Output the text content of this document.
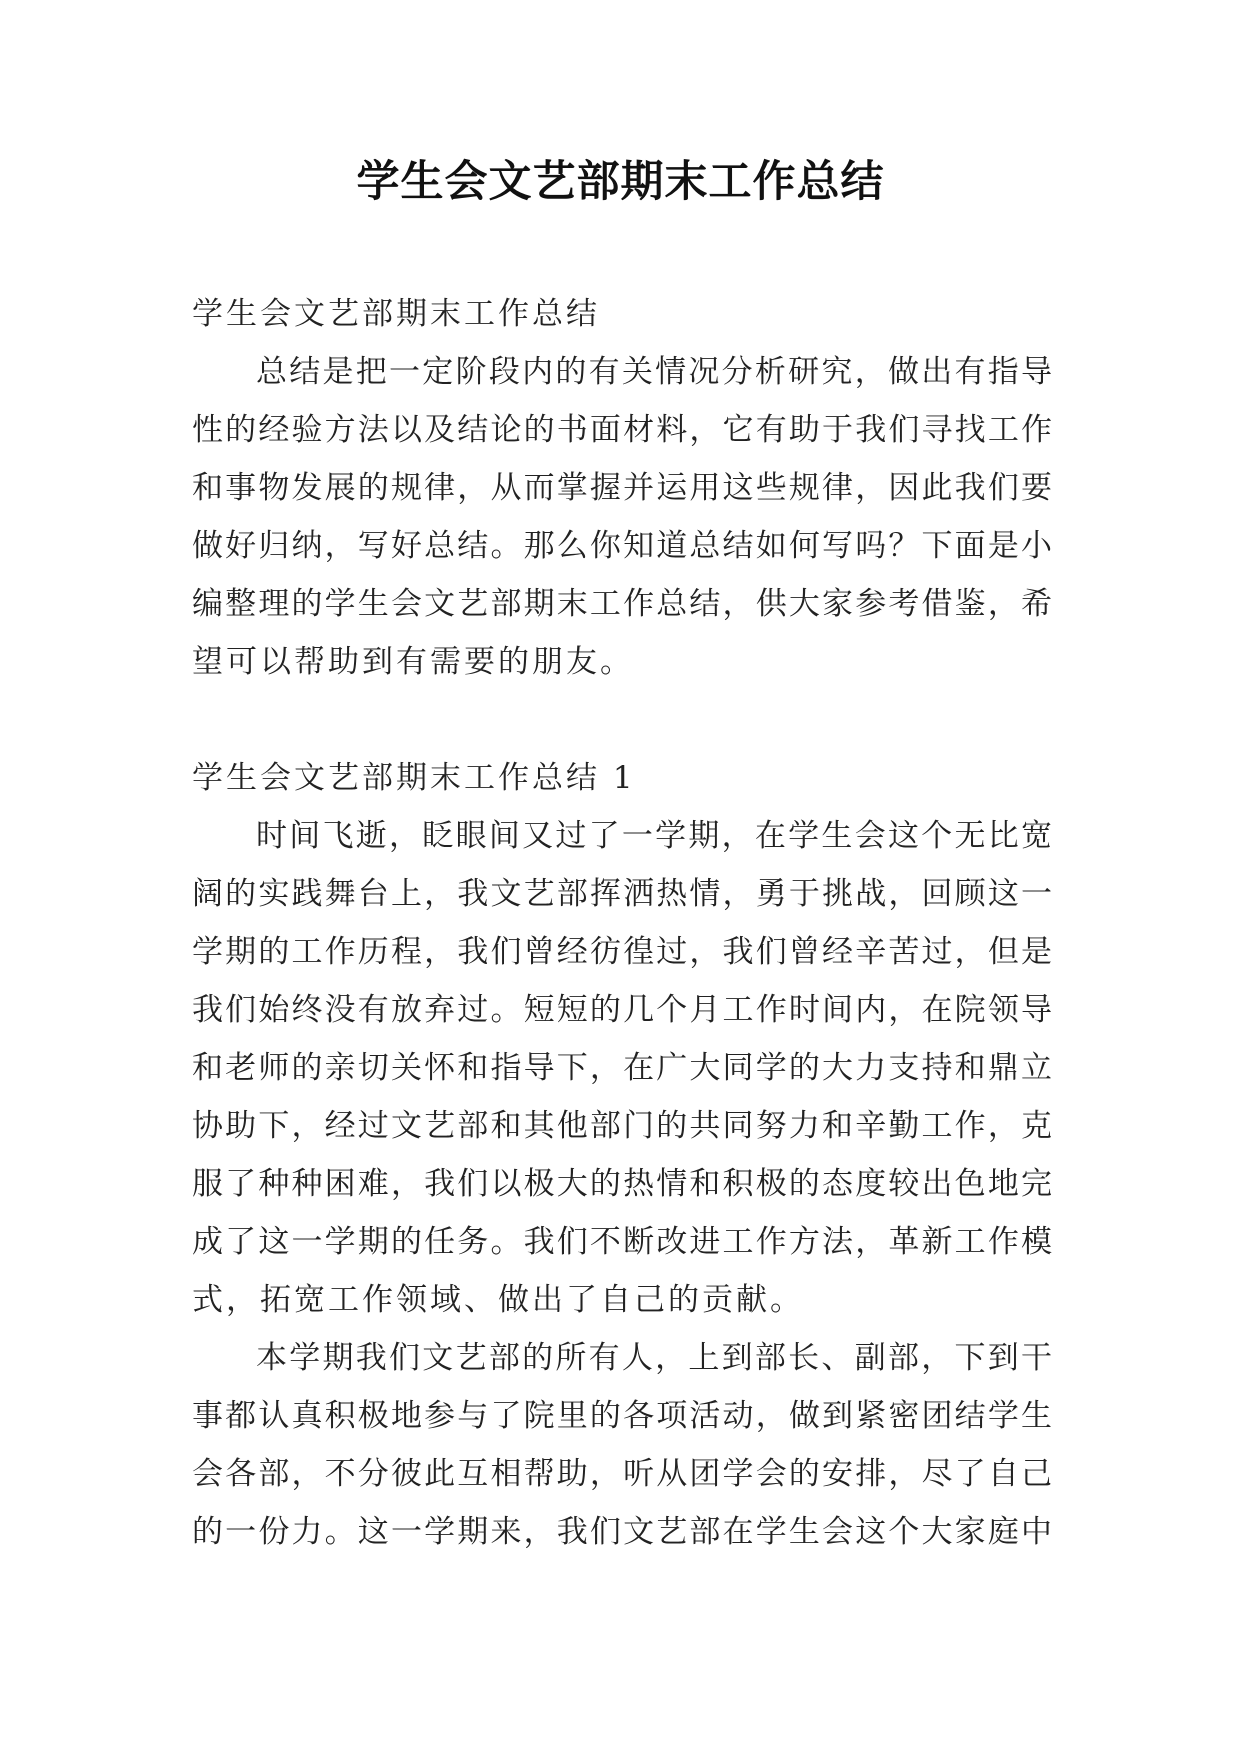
学生会文艺部期末工作总结
学生会文艺部期末工作总结
总结是把一定阶段内的有关情况分析研究，做出有指导
性的经验方法以及结论的书面材料，它有助于我们寻找工作
和事物发展的规律，从而掌握并运用这些规律，因此我们要
做好归纳，写好总结。那么你知道总结如何写吗？下面是小
编整理的学生会文艺部期末工作总结，供大家参考借鉴，希
望可以帮助到有需要的朋友。
学生会文艺部期末工作总结 1
时间飞逝，眨眼间又过了一学期，在学生会这个无比宽
阔的实践舞台上，我文艺部挥洒热情，勇于挑战，回顾这一
学期的工作历程，我们曾经彷徨过，我们曾经辛苦过，但是
我们始终没有放弃过。短短的几个月工作时间内，在院领导
和老师的亲切关怀和指导下，在广大同学的大力支持和鼎立
协助下，经过文艺部和其他部门的共同努力和辛勤工作，克
服了种种困难，我们以极大的热情和积极的态度较出色地完
成了这一学期的任务。我们不断改进工作方法，革新工作模
式，拓宽工作领域、做出了自己的贡献。
本学期我们文艺部的所有人，上到部长、副部，下到干
事都认真积极地参与了院里的各项活动，做到紧密团结学生
会各部，不分彼此互相帮助，听从团学会的安排，尽了自己
的一份力。这一学期来，我们文艺部在学生会这个大家庭中
